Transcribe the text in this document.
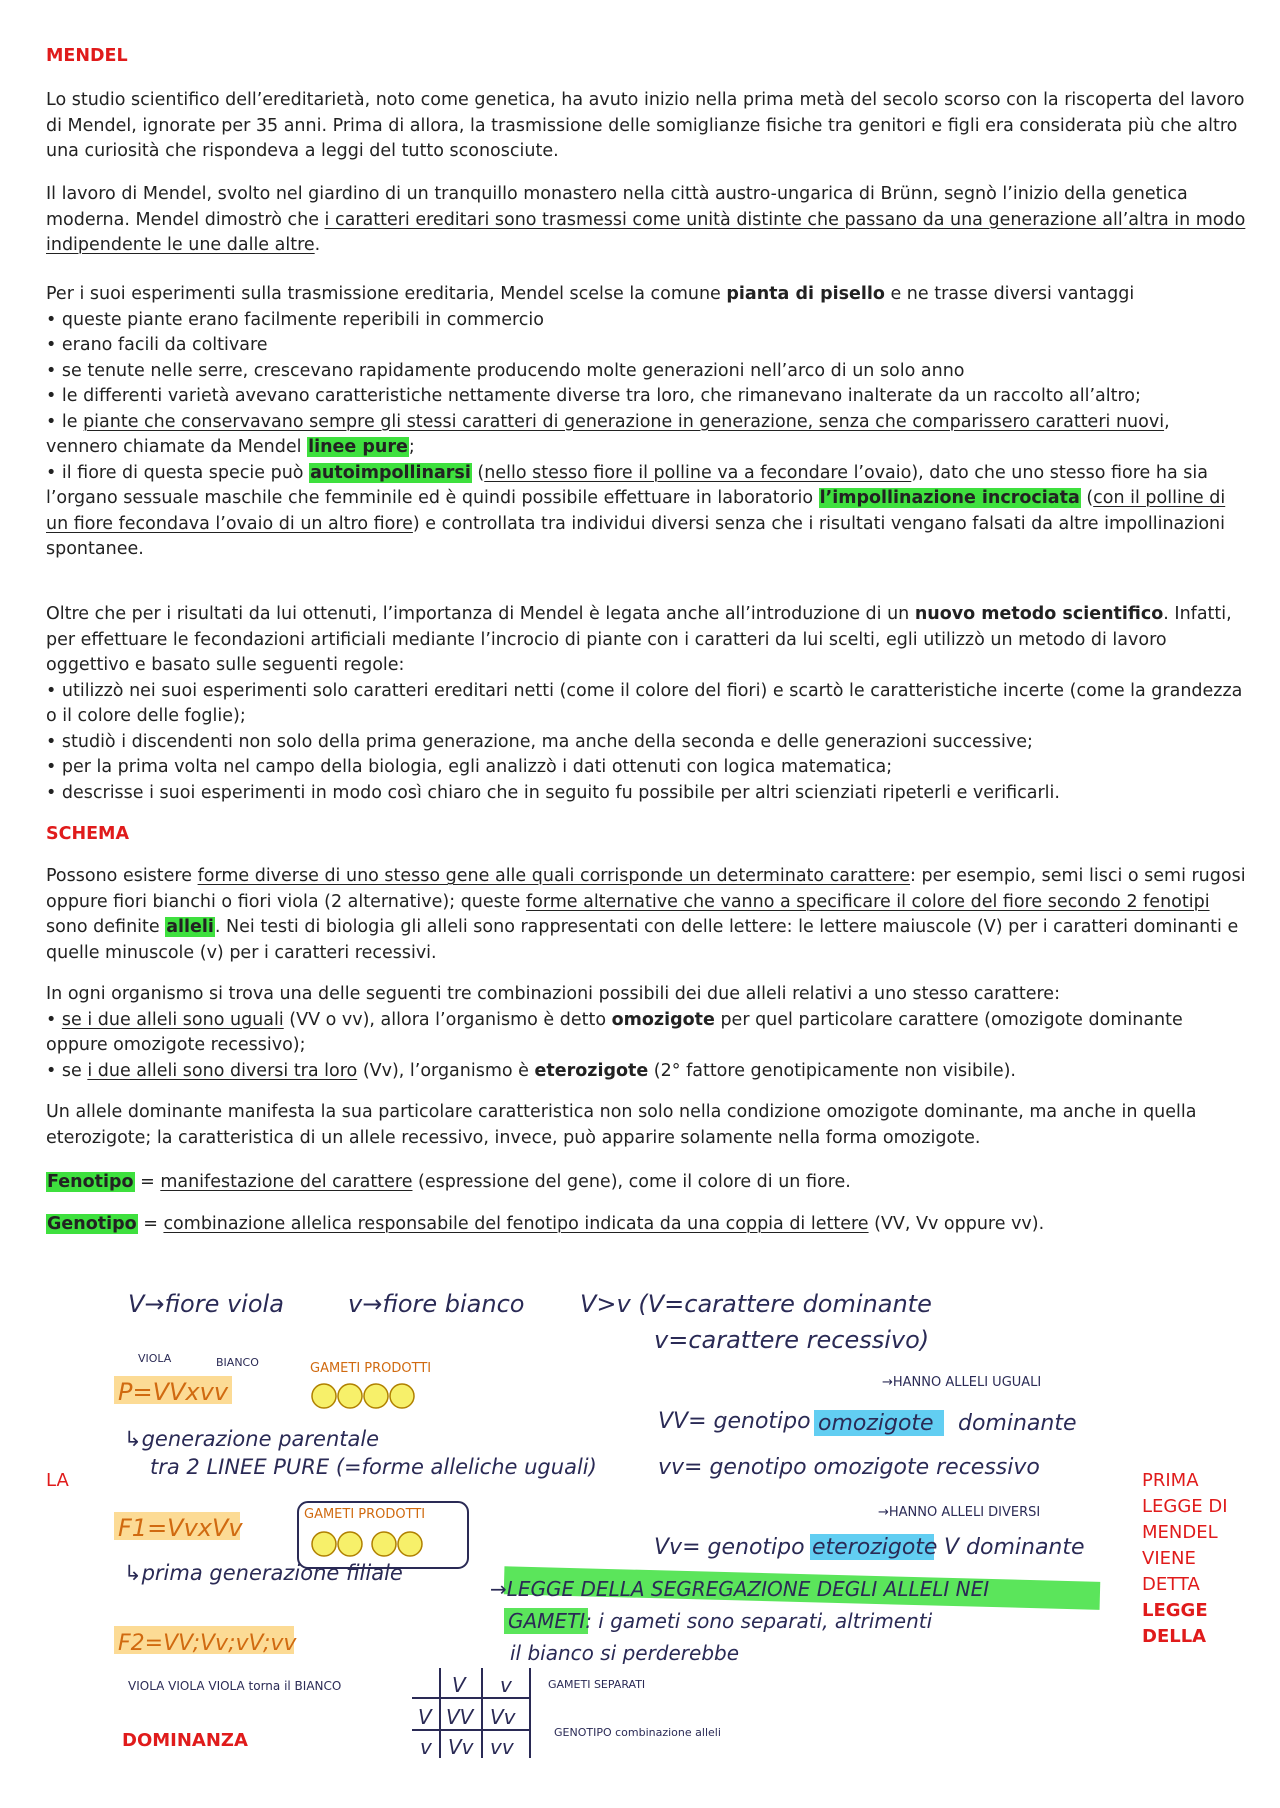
MENDEL

Lo studio scientifico dell’ereditarietà, noto come genetica, ha avuto inizio nella prima metà del secolo scorso con la riscoperta del lavoro di Mendel, ignorate per 35 anni. Prima di allora, la trasmissione delle somiglianze fisiche tra genitori e figli era considerata più che altro una curiosità che rispondeva a leggi del tutto sconosciute.

Il lavoro di Mendel, svolto nel giardino di un tranquillo monastero nella città austro-ungarica di Brünn, segnò l’inizio della genetica moderna. Mendel dimostrò che i caratteri ereditari sono trasmessi come unità distinte che passano da una generazione all’altra in modo indipendente le une dalle altre.

Per i suoi esperimenti sulla trasmissione ereditaria, Mendel scelse la comune pianta di pisello e ne trasse diversi vantaggi

• queste piante erano facilmente reperibili in commercio

• erano facili da coltivare

• se tenute nelle serre, crescevano rapidamente producendo molte generazioni nell’arco di un solo anno

• le differenti varietà avevano caratteristiche nettamente diverse tra loro, che rimanevano inalterate da un raccolto all’altro;

• le piante che conservavano sempre gli stessi caratteri di generazione in generazione, senza che comparissero caratteri nuovi, vennero chiamate da Mendel linee pure;

• il fiore di questa specie può autoimpollinarsi (nello stesso fiore il polline va a fecondare l’ovaio), dato che uno stesso fiore ha sia l’organo sessuale maschile che femminile ed è quindi possibile effettuare in laboratorio l’impollinazione incrociata (con il polline di un fiore fecondava l’ovaio di un altro fiore) e controllata tra individui diversi senza che i risultati vengano falsati da altre impollinazioni spontanee.

Oltre che per i risultati da lui ottenuti, l’importanza di Mendel è legata anche all’introduzione di un nuovo metodo scientifico. Infatti, per effettuare le fecondazioni artificiali mediante l’incrocio di piante con i caratteri da lui scelti, egli utilizzò un metodo di lavoro oggettivo e basato sulle seguenti regole:

• utilizzò nei suoi esperimenti solo caratteri ereditari netti (come il colore del fiori) e scartò le caratteristiche incerte (come la grandezza o il colore delle foglie);

• studiò i discendenti non solo della prima generazione, ma anche della seconda e delle generazioni successive;

• per la prima volta nel campo della biologia, egli analizzò i dati ottenuti con logica matematica;

• descrisse i suoi esperimenti in modo così chiaro che in seguito fu possibile per altri scienziati ripeterli e verificarli.

SCHEMA

Possono esistere forme diverse di uno stesso gene alle quali corrisponde un determinato carattere: per esempio, semi lisci o semi rugosi oppure fiori bianchi o fiori viola (2 alternative); queste forme alternative che vanno a specificare il colore del fiore secondo 2 fenotipi sono definite alleli. Nei testi di biologia gli alleli sono rappresentati con delle lettere: le lettere maiuscole (V) per i caratteri dominanti e quelle minuscole (v) per i caratteri recessivi.

In ogni organismo si trova una delle seguenti tre combinazioni possibili dei due alleli relativi a uno stesso carattere:

• se i due alleli sono uguali (VV o vv), allora l’organismo è detto omozigote per quel particolare carattere (omozigote dominante oppure omozigote recessivo);

• se i due alleli sono diversi tra loro (Vv), l’organismo è eterozigote (2° fattore genotipicamente non visibile).

Un allele dominante manifesta la sua particolare caratteristica non solo nella condizione omozigote dominante, ma anche in quella eterozigote; la caratteristica di un allele recessivo, invece, può apparire solamente nella forma omozigote.

Fenotipo = manifestazione del carattere (espressione del gene), come il colore di un fiore.

Genotipo = combinazione allelica responsabile del fenotipo indicata da una coppia di lettere (VV, Vv oppure vv).

V→fiore viola	v→fiore bianco V>v (V=carattere dominante
v=carattere recessivo)
VIOLA	BIANCO
P=VVxvv
GAMETI PRODOTTI
↳generazione parentale
tra 2 LINEE PURE (=forme alleliche uguali)
F1=VvxVv	GAMETI PRODOTTI
↳prima generazione filiale
F2=VV;Vv;vV;vv
VIOLA VIOLA VIOLA torna il BIANCO
→HANNO ALLELI UGUALI
VV= genotipo omozigote dominante
vv= genotipo omozigote recessivo
→HANNO ALLELI DIVERSI
Vv= genotipo eterozigote V dominante
→LEGGE DELLA SEGREGAZIONE DEGLI ALLELI NEI
GAMETI: i gameti sono separati, altrimenti
il bianco si perderebbe
V v
V VV Vv
v Vv vv
GAMETI SEPARATI
GENOTIPO combinazione alleli
LA	PRIMA
LEGGE DI
MENDEL
VIENE
DETTA
LEGGE
DELLA
DOMINANZA
